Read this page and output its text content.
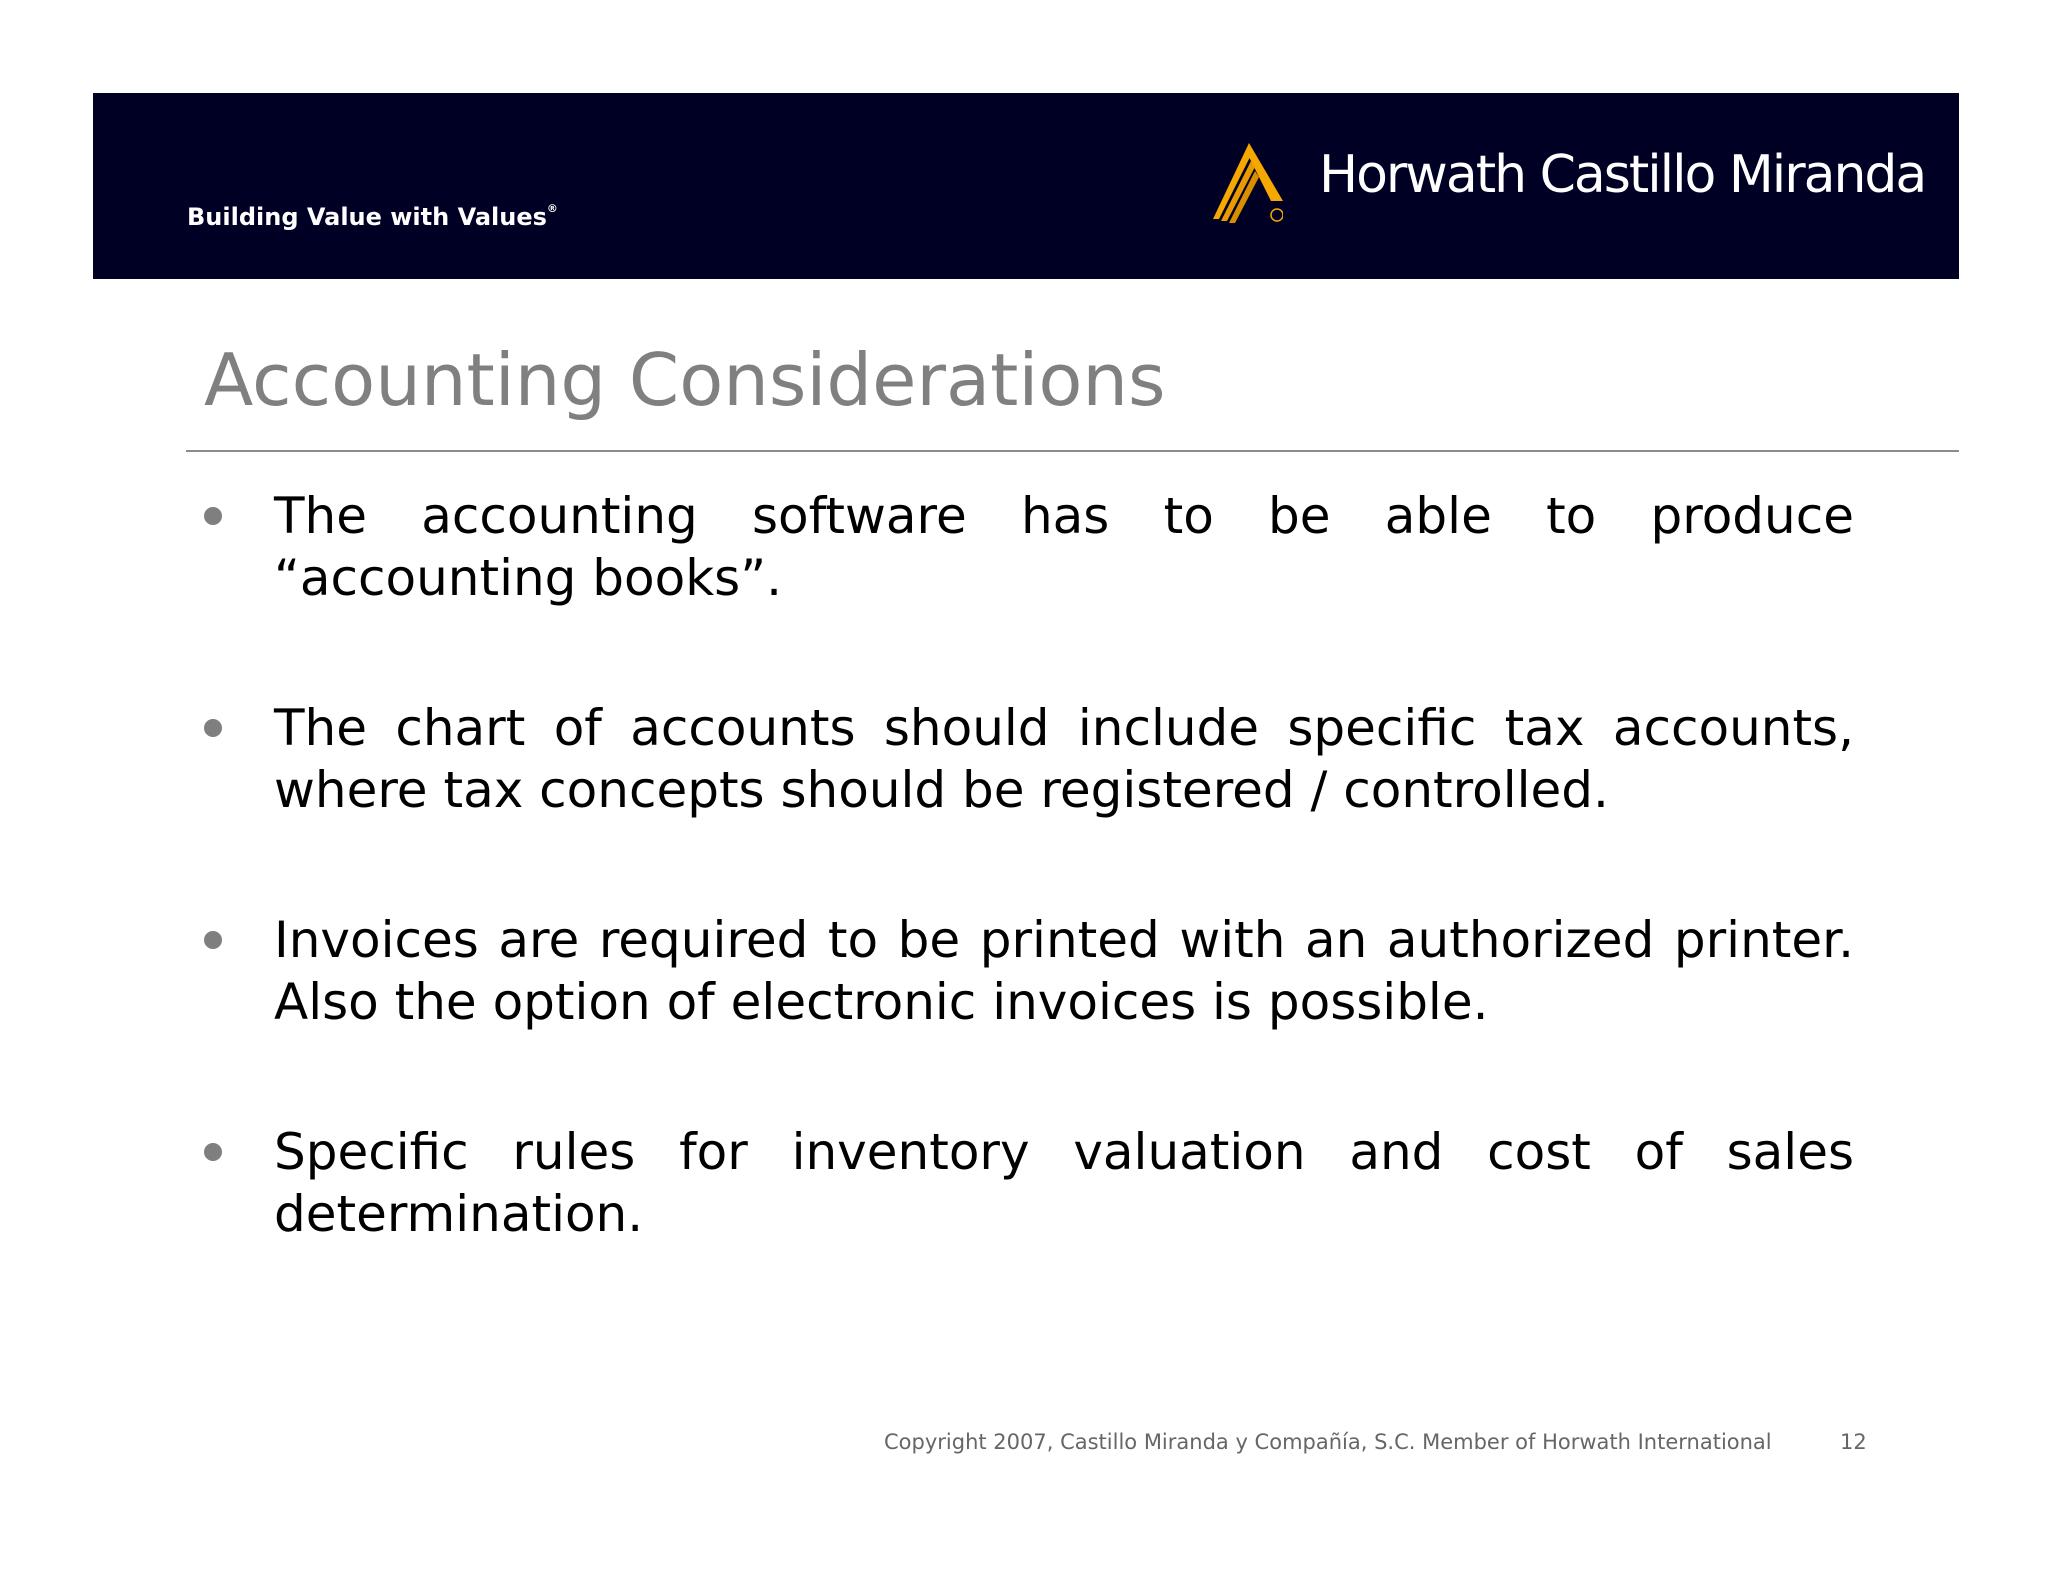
Building Value with Values®
Horwath Castillo Miranda
Accounting Considerations
The accounting software has to be able to produce “accounting books”.
The chart of accounts should include specific tax accounts, where tax concepts should be registered / controlled.
Invoices are required to be printed with an authorized printer. Also the option of electronic invoices is possible.
Specific rules for inventory valuation and cost of sales determination.
Copyright 2007, Castillo Miranda y Compañía, S.C. Member of Horwath International	12
